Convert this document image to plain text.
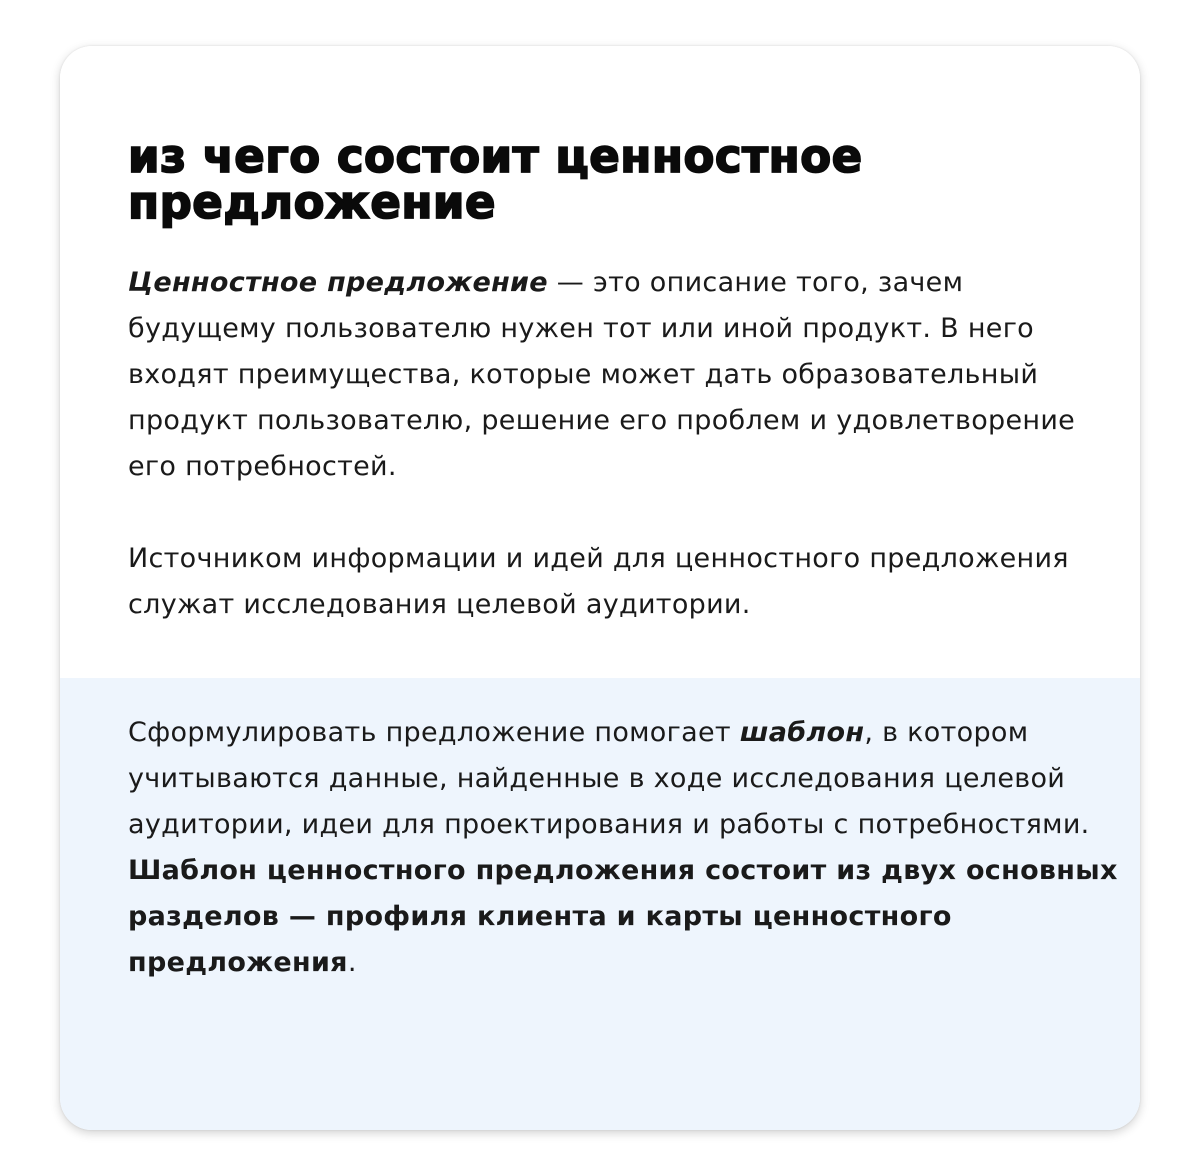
из чего состоит ценностное предложение

Ценностное предложение — это описание того, зачем будущему пользователю нужен тот или иной продукт. В него входят преимущества, которые может дать образовательный продукт пользователю, решение его проблем и удовлетворение его потребностей.

Источником информации и идей для ценностного предложения служат исследования целевой аудитории.

Сформулировать предложение помогает шаблон, в котором учитываются данные, найденные в ходе исследования целевой аудитории, идеи для проектирования и работы с потребностями.
Шаблон ценностного предложения состоит из двух основных разделов — профиля клиента и карты ценностного предложения.
